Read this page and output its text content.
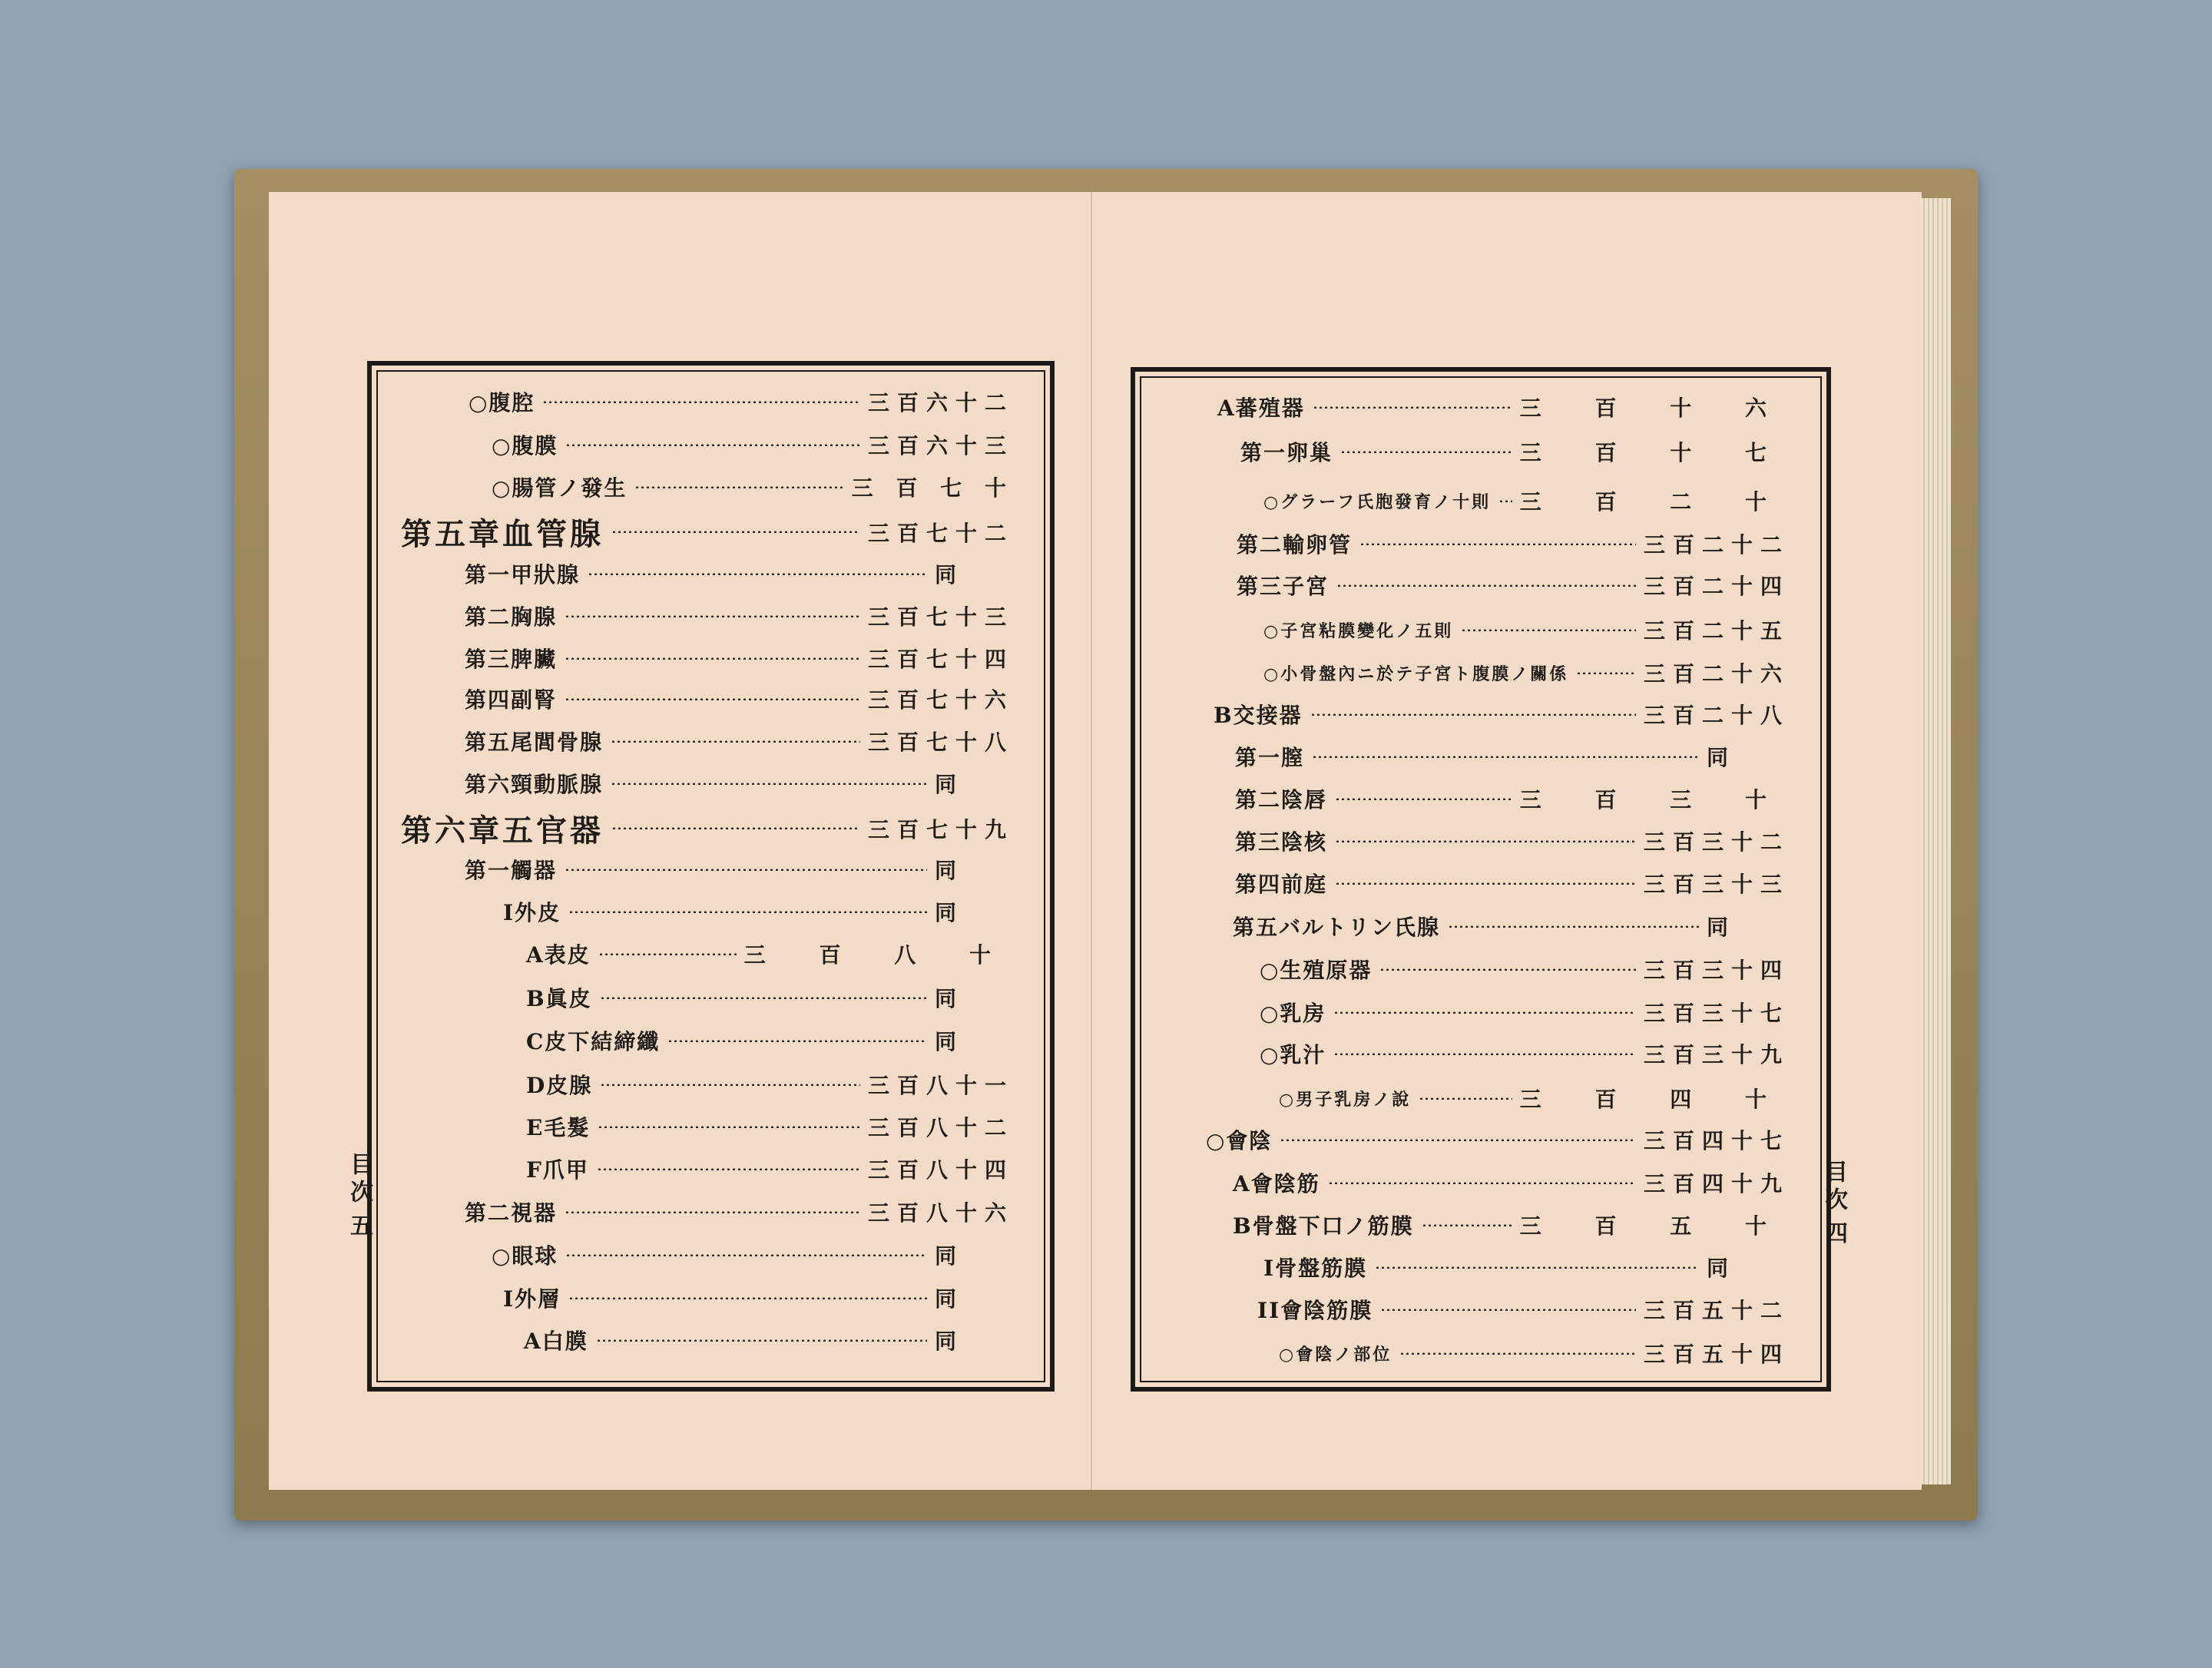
○腹腔	三百六十二
○腹膜	三百六十三
○腸管ノ發生	三 百 七 十
第五章血管腺	三百七十二
第一甲狀腺	同
第二胸腺	三百七十三
第三脾臟	三百七十四
第四副腎	三百七十六
第五尾閭骨腺	三百七十八
第六頸動脈腺	同
第六章五官器	三百七十九
第一觸器	同
I外皮	同
A表皮	三 百 八 十
B眞皮	同
C皮下結締纖	同
D皮腺	三百八十一
E毛髮	三百八十二
F爪甲	三百八十四
第二視器	三百八十六
○眼球	同
I外層	同
A白膜	同
目次
五
A蕃殖器	三 百 十 六
第一卵巢	三 百 十 七
○グラーフ氏胞發育ノ十則 三 百 二 十
第二輸卵管	三百二十二
第三子宮	三百二十四
○子宮粘膜變化ノ五則	三百二十五
○小骨盤內ニ於テ子宮ト腹膜ノ關係	三百二十六
B交接器	三百二十八
第一膣	同
第二陰唇	三 百 三 十
第三陰核	三百三十二
第四前庭	三百三十三
第五バルトリン氏腺	同
○生殖原器	三百三十四
○乳房	三百三十七
○乳汁	三百三十九
○男子乳房ノ說	三 百 四 十
○會陰	三百四十七
A會陰筋	三百四十九
B骨盤下口ノ筋膜	三 百 五 十
I骨盤筋膜	同
II會陰筋膜	三百五十二
○會陰ノ部位	三百五十四
目次
四
